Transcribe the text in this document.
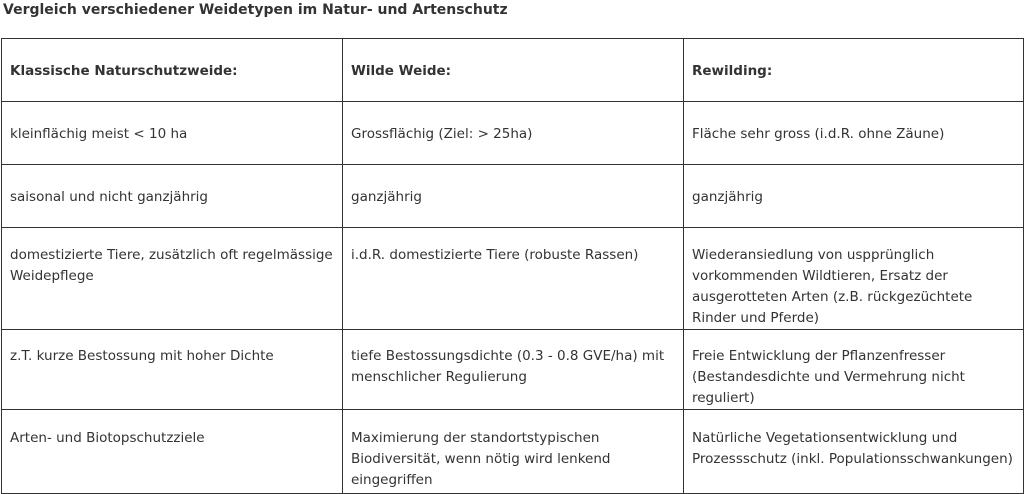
Vergleich verschiedener Weidetypen im Natur- und Artenschutz
Klassische Naturschutzweide:	Wilde Weide:	Rewilding:
kleinflächig meist < 10 ha	Grossflächig (Ziel: > 25ha)	Fläche sehr gross (i.d.R. ohne Zäune)
saisonal und nicht ganzjährig	ganzjährig	ganzjährig
domestizierte Tiere, zusätzlich oft regelmässige Weidepflege	i.d.R. domestizierte Tiere (robuste Rassen)	Wiederansiedlung von uspprünglich vorkommenden Wildtieren, Ersatz der ausgerotteten Arten (z.B. rückgezüchtete Rinder und Pferde)
z.T. kurze Bestossung mit hoher Dichte	tiefe Bestossungsdichte (0.3 - 0.8 GVE/ha) mit menschlicher Regulierung	Freie Entwicklung der Pflanzenfresser (Bestandesdichte und Vermehrung nicht reguliert)
Arten- und Biotopschutzziele	Maximierung der standortstypischen Biodiversität, wenn nötig wird lenkend eingegriffen	Natürliche Vegetationsentwicklung und Prozessschutz (inkl. Populationsschwankungen)
